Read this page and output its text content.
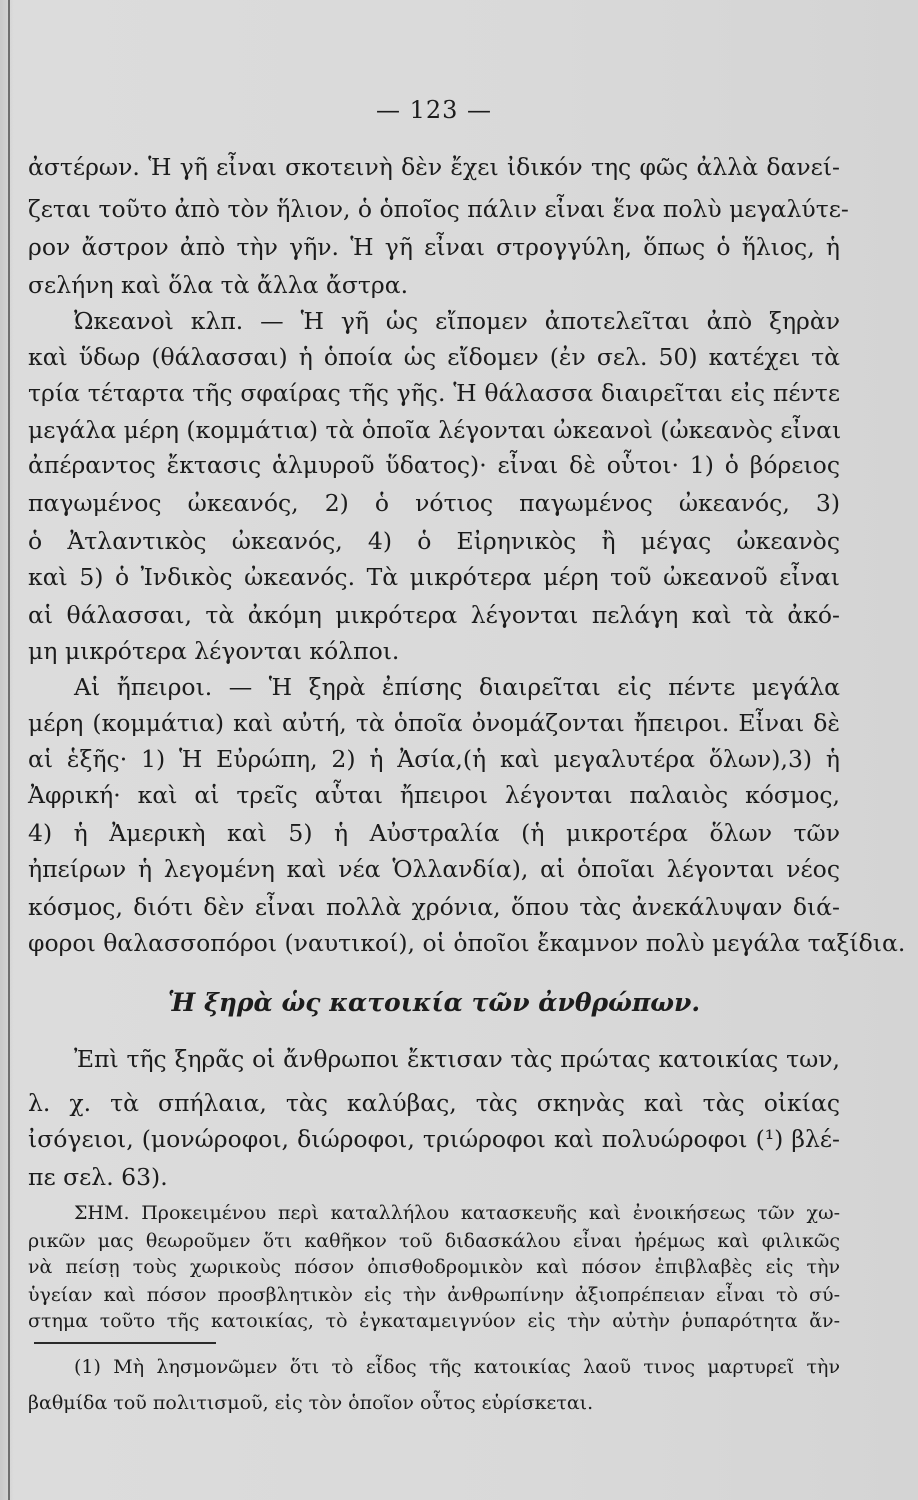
— 123 —
ἀστέρων. Ἡ γῆ εἶναι σκοτεινὴ δὲν ἔχει ἰδικόν της φῶς ἀλλὰ δανεί-
ζεται τοῦτο ἀπὸ τὸν ἥλιον, ὁ ὁποῖος πάλιν εἶναι ἕνα πολὺ μεγαλύτε-
ρον ἄστρον ἀπὸ τὴν γῆν. Ἡ γῆ εἶναι στρογγύλη, ὅπως ὁ ἥλιος, ἡ
σελήνη καὶ ὅλα τὰ ἄλλα ἄστρα.
Ὠκεανοὶ κλπ. — Ἡ γῆ ὡς εἴπομεν ἀποτελεῖται ἀπὸ ξηρὰν
καὶ ὕδωρ (θάλασσαι) ἡ ὁποία ὡς εἴδομεν (ἐν σελ. 50) κατέχει τὰ
τρία τέταρτα τῆς σφαίρας τῆς γῆς. Ἡ θάλασσα διαιρεῖται εἰς πέντε
μεγάλα μέρη (κομμάτια) τὰ ὁποῖα λέγονται ὠκεανοὶ (ὠκεανὸς εἶναι
ἀπέραντος ἔκτασις ἁλμυροῦ ὕδατος)· εἶναι δὲ οὗτοι· 1) ὁ βόρειος
παγωμένος ὠκεανός, 2) ὁ νότιος παγωμένος ὠκεανός, 3)
ὁ Ἀτλαντικὸς ὠκεανός, 4) ὁ Εἰρηνικὸς ἢ μέγας ὠκεανὸς
καὶ 5) ὁ Ἰνδικὸς ὠκεανός. Τὰ μικρότερα μέρη τοῦ ὠκεανοῦ εἶναι
αἱ θάλασσαι, τὰ ἀκόμη μικρότερα λέγονται πελάγη καὶ τὰ ἀκό-
μη μικρότερα λέγονται κόλποι.
Αἱ ἤπειροι. — Ἡ ξηρὰ ἐπίσης διαιρεῖται εἰς πέντε μεγάλα
μέρη (κομμάτια) καὶ αὐτή, τὰ ὁποῖα ὀνομάζονται ἤπειροι. Εἶναι δὲ
αἱ ἑξῆς· 1) Ἡ Εὐρώπη, 2) ἡ Ἀσία,(ἡ καὶ μεγαλυτέρα ὅλων),3) ἡ
Ἀφρική· καὶ αἱ τρεῖς αὗται ἤπειροι λέγονται παλαιὸς κόσμος,
4) ἡ Ἀμερικὴ καὶ 5) ἡ Αὐστραλία (ἡ μικροτέρα ὅλων τῶν
ἠπείρων ἡ λεγομένη καὶ νέα Ὁλλανδία), αἱ ὁποῖαι λέγονται νέος
κόσμος, διότι δὲν εἶναι πολλὰ χρόνια, ὅπου τὰς ἀνεκάλυψαν διά-
φοροι θαλασσοπόροι (ναυτικοί), οἱ ὁποῖοι ἔκαμνον πολὺ μεγάλα ταξίδια.
Ἡ ξηρὰ ὡς κατοικία τῶν ἀνθρώπων.
Ἐπὶ τῆς ξηρᾶς οἱ ἄνθρωποι ἔκτισαν τὰς πρώτας κατοικίας των,
λ. χ. τὰ σπήλαια, τὰς καλύβας, τὰς σκηνὰς καὶ τὰς οἰκίας
ἰσόγειοι, (μονώροφοι, διώροφοι, τριώροφοι καὶ πολυώροφοι (¹) βλέ-
πε σελ. 63).
ΣΗΜ. Προκειμένου περὶ καταλλήλου κατασκευῆς καὶ ἐνοικήσεως τῶν χω-
ρικῶν μας θεωροῦμεν ὅτι καθῆκον τοῦ διδασκάλου εἶναι ἠρέμως καὶ φιλικῶς
νὰ πείσῃ τοὺς χωρικοὺς πόσον ὀπισθοδρομικὸν καὶ πόσον ἐπιβλαβὲς εἰς τὴν
ὑγείαν καὶ πόσον προσβλητικὸν εἰς τὴν ἀνθρωπίνην ἀξιοπρέπειαν εἶναι τὸ σύ-
στημα τοῦτο τῆς κατοικίας, τὸ ἐγκαταμειγνύον εἰς τὴν αὐτὴν ῥυπαρότητα ἄν-
(1) Μὴ λησμονῶμεν ὅτι τὸ εἶδος τῆς κατοικίας λαοῦ τινος μαρτυρεῖ τὴν
βαθμίδα τοῦ πολιτισμοῦ, εἰς τὸν ὁποῖον οὗτος εὑρίσκεται.
